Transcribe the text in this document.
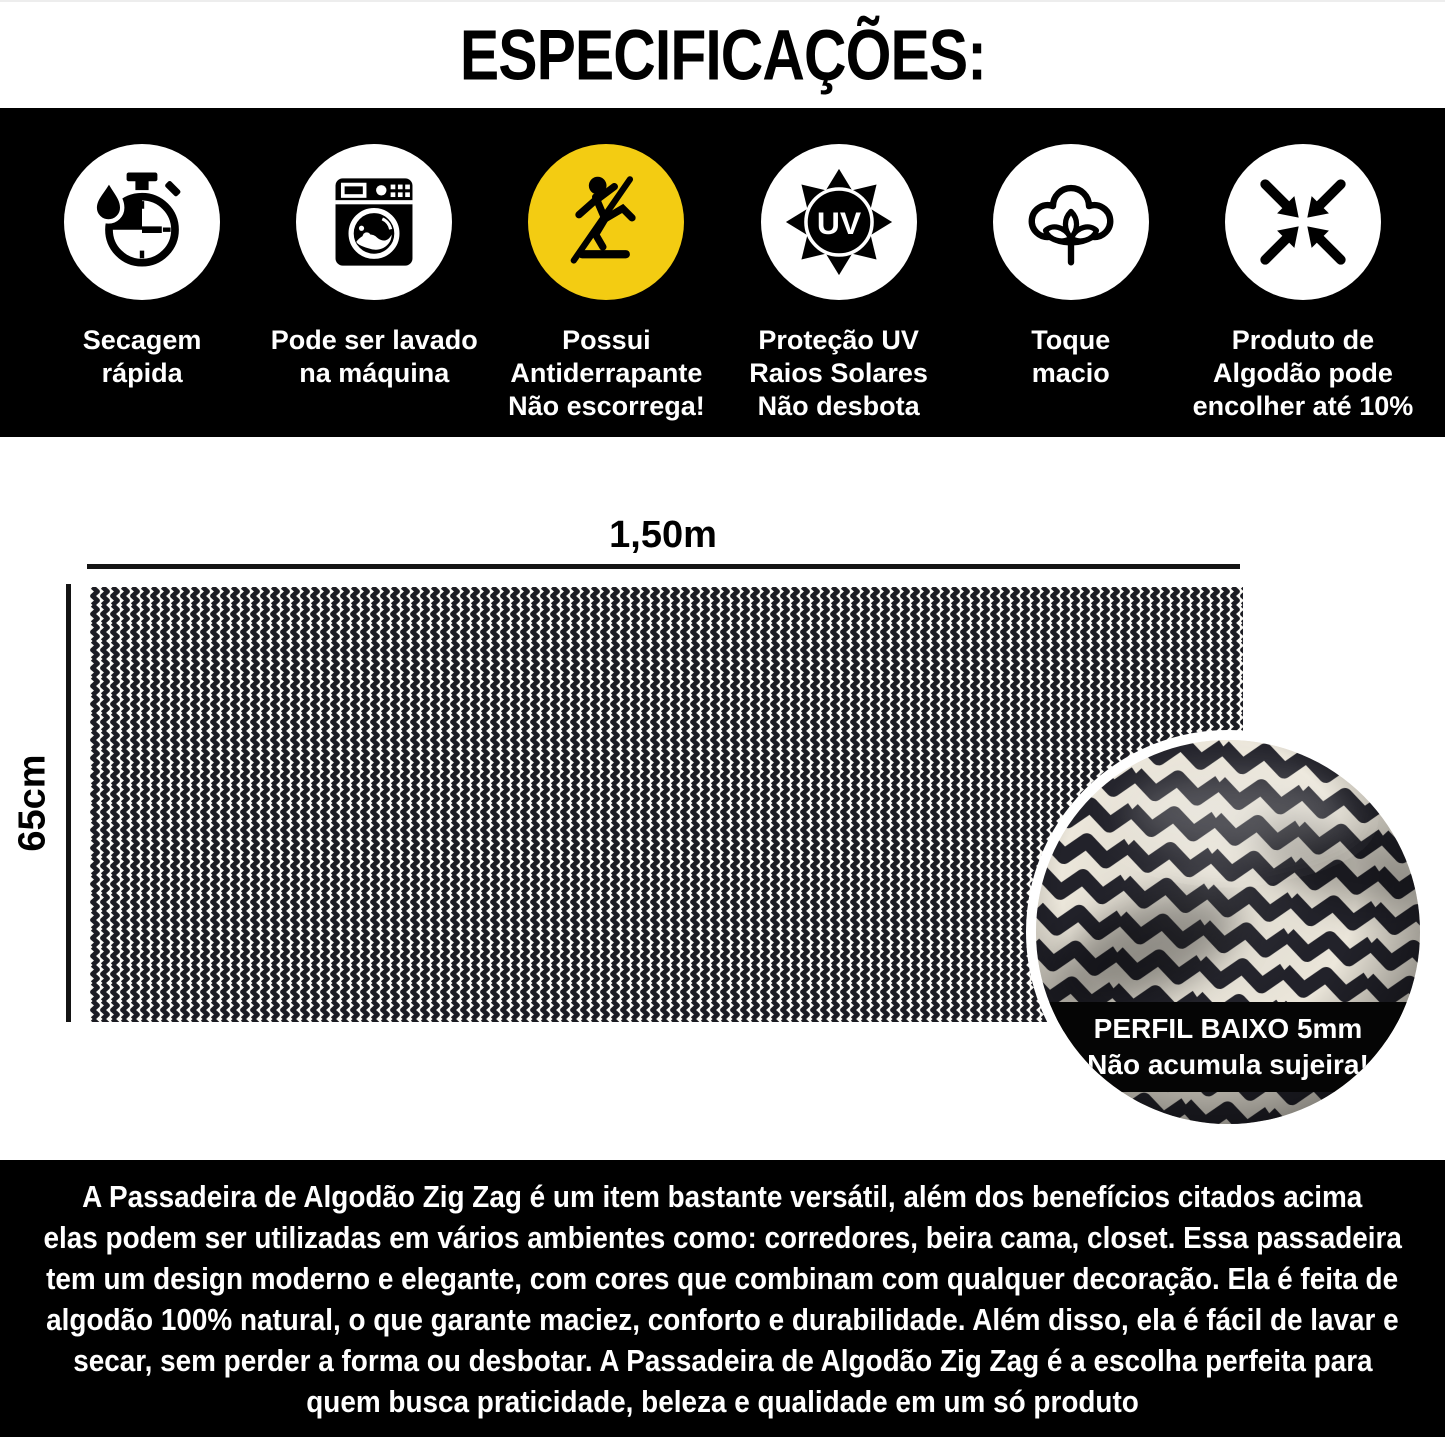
ESPECIFICAÇÕES:
Secagem
rápida
Pode ser lavado
na máquina
Possui
Antiderrapante
Não escorrega!
UV
Proteção UV
Raios Solares
Não desbota
Toque
macio
Produto de
Algodão pode
encolher até 10%
1,50m
65cm
PERFIL BAIXO 5mm
Não acumula sujeira!
A Passadeira de Algodão Zig Zag é um item bastante versátil, além dos benefícios citados acima
elas podem ser utilizadas em vários ambientes como: corredores, beira cama, closet. Essa passadeira
tem um design moderno e elegante, com cores que combinam com qualquer decoração. Ela é feita de
algodão 100% natural, o que garante maciez, conforto e durabilidade. Além disso, ela é fácil de lavar e
secar, sem perder a forma ou desbotar. A Passadeira de Algodão Zig Zag é a escolha perfeita para
quem busca praticidade, beleza e qualidade em um só produto
